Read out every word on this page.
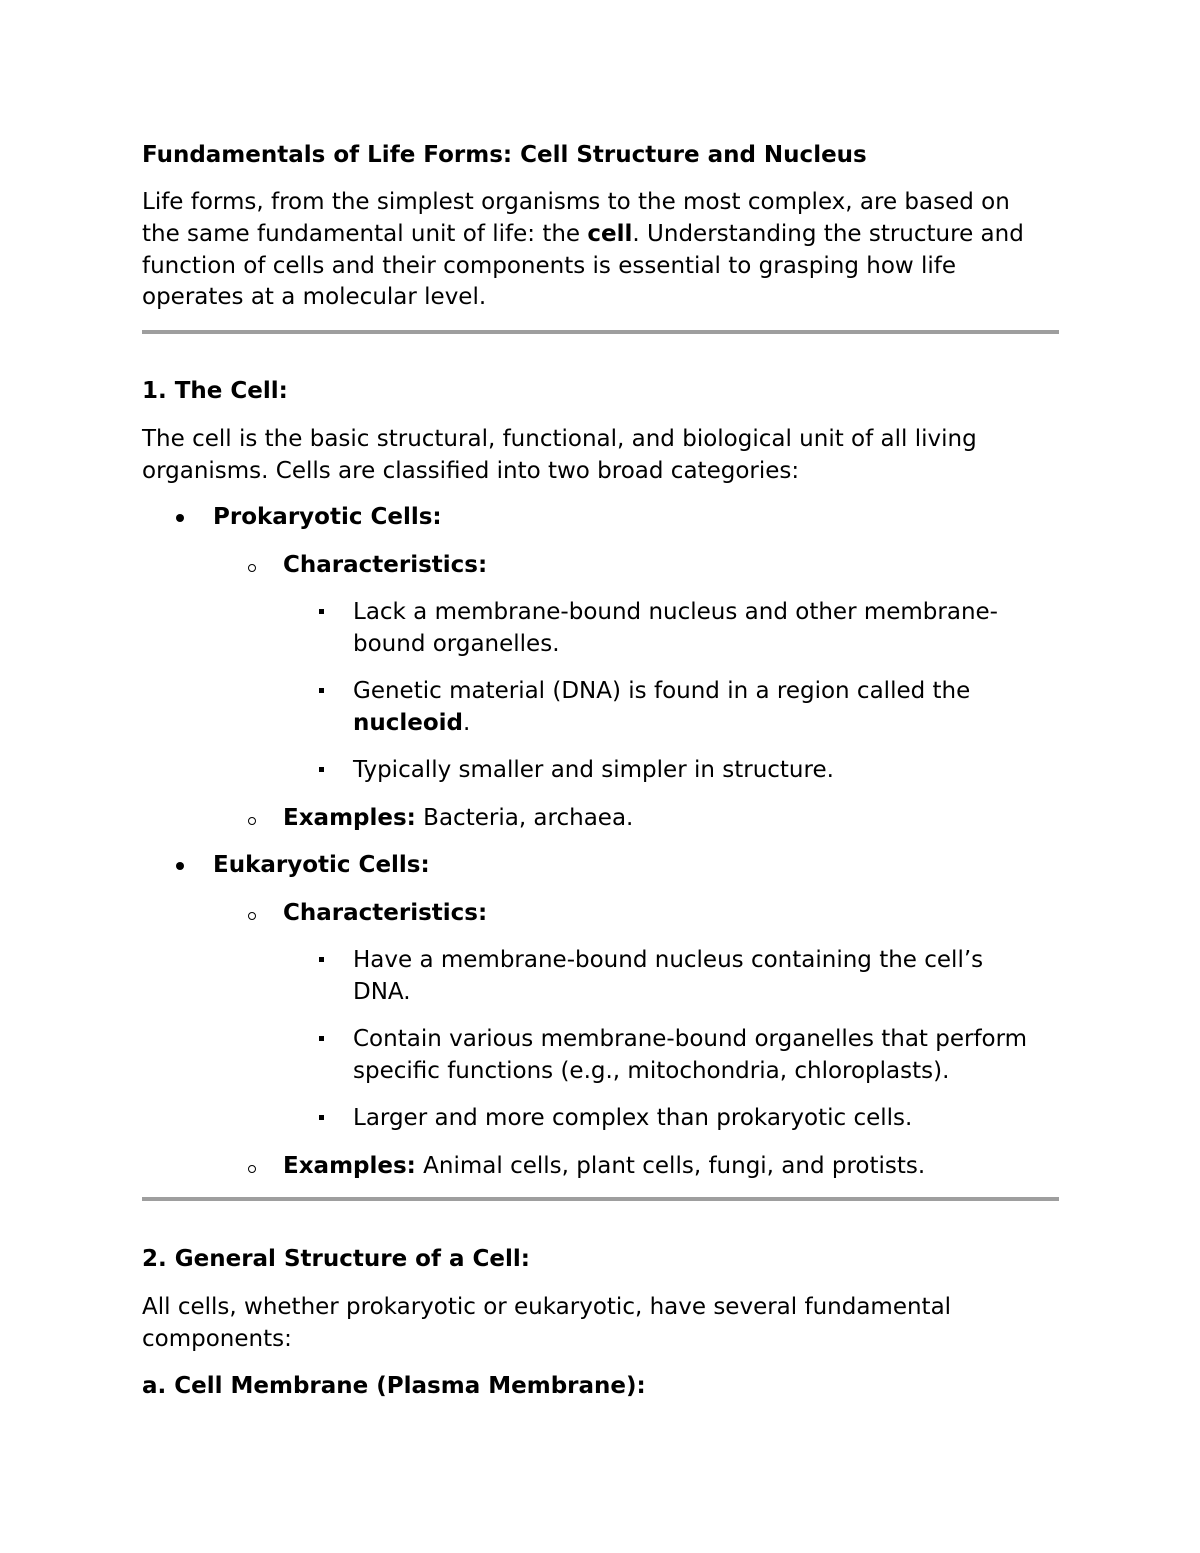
Fundamentals of Life Forms: Cell Structure and Nucleus

Life forms, from the simplest organisms to the most complex, are based on

the same fundamental unit of life: the cell. Understanding the structure and

function of cells and their components is essential to grasping how life

operates at a molecular level.

1. The Cell:

The cell is the basic structural, functional, and biological unit of all living

organisms. Cells are classified into two broad categories:

Prokaryotic Cells:

Characteristics:

Lack a membrane-bound nucleus and other membrane-

bound organelles.

Genetic material (DNA) is found in a region called the

nucleoid.

Typically smaller and simpler in structure.

Examples: Bacteria, archaea.

Eukaryotic Cells:

Characteristics:

Have a membrane-bound nucleus containing the cell’s

DNA.

Contain various membrane-bound organelles that perform

specific functions (e.g., mitochondria, chloroplasts).

Larger and more complex than prokaryotic cells.

Examples: Animal cells, plant cells, fungi, and protists.

2. General Structure of a Cell:

All cells, whether prokaryotic or eukaryotic, have several fundamental

components:

a. Cell Membrane (Plasma Membrane):
